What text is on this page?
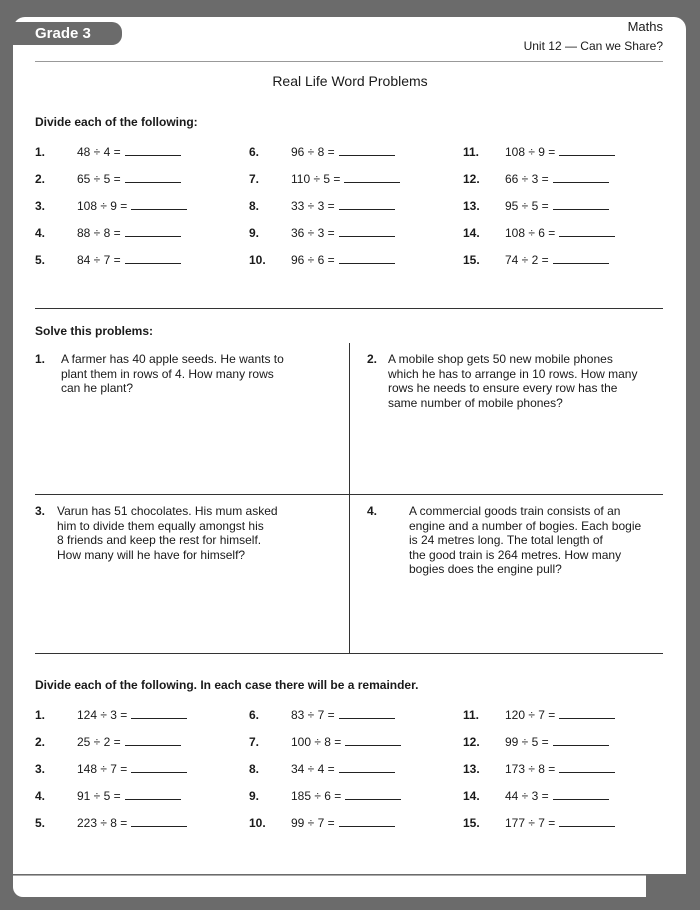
Grade 3	Maths
Unit 12 — Can we Share?
Real Life Word Problems
Divide each of the following:
1.	48 ÷ 4 =
2.	65 ÷ 5 =
3.	108 ÷ 9 =
4.	88 ÷ 8 =
5.	84 ÷ 7 =
6.	96 ÷ 8 =
7.	110 ÷ 5 =
8.	33 ÷ 3 =
9.	36 ÷ 3 =
10. 96 ÷ 6 =
11. 108 ÷ 9 =
12. 66 ÷ 3 =
13. 95 ÷ 5 =
14. 108 ÷ 6 =
15. 74 ÷ 2 =
Solve this problems:
1. A farmer has 40 apple seeds. He wants to
plant them in rows of 4. How many rows
can he plant?
2. A mobile shop gets 50 new mobile phones
which he has to arrange in 10 rows. How many
rows he needs to ensure every row has the
same number of mobile phones?
3. Varun has 51 chocolates. His mum asked
him to divide them equally amongst his
8 friends and keep the rest for himself.
How many will he have for himself?
4.	A commercial goods train consists of an
engine and a number of bogies. Each bogie
is 24 metres long. The total length of
the good train is 264 metres. How many
bogies does the engine pull?
Divide each of the following. In each case there will be a remainder.
1.	124 ÷ 3 =
2.	25 ÷ 2 =
3.	148 ÷ 7 =
4.	91 ÷ 5 =
5.	223 ÷ 8 =
6.	83 ÷ 7 =
7.	100 ÷ 8 =
8.	34 ÷ 4 =
9.	185 ÷ 6 =
10. 99 ÷ 7 =
11. 120 ÷ 7 =
12. 99 ÷ 5 =
13. 173 ÷ 8 =
14. 44 ÷ 3 =
15. 177 ÷ 7 =
